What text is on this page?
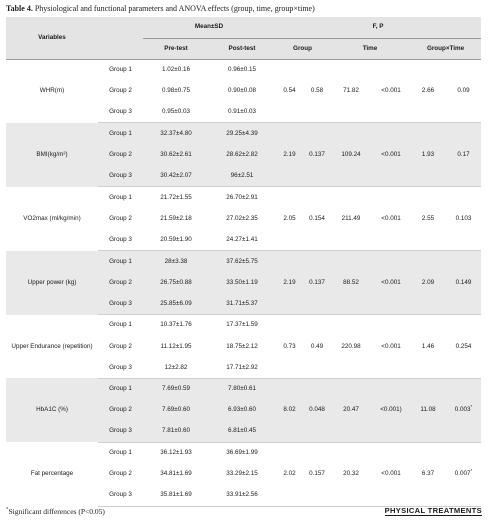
Table 4. Physiological and functional parameters and ANOVA effects (group, time, group×time)
Variables		Mean±SD		F, P					
		Pre-test	Post-test	Group		Time		Group×Time	
WHR(m)	Group 1	1.02±0.16	0.96±0.15						
	Group 2	0.98±0.75	0.90±0.08	0.54	0.58	71.82	<0.001	2.66	0.09
	Group 3	0.95±0.03	0.91±0.03						
BMI(kg/m²)	Group 1	32.37±4.80	29.25±4.39						
	Group 2	30.62±2.61	28.62±2.82	2.19	0.137	109.24	<0.001	1.93	0.17
	Group 3	30.42±2.07	96±2.51						
VO2max (ml/kg/min)	Group 1	21.72±1.55	26.70±2.91						
	Group 2	21.59±2.18	27.02±2.35	2.05	0.154	211.49	<0.001	2.55	0.103
	Group 3	20.59±1.90	24.27±1.41						
Upper power (kg)	Group 1	28±3.38	37.62±5.75						
	Group 2	26.75±0.88	33.50±1.19	2.19	0.137	88.52	<0.001	2.09	0.149
	Group 3	25.85±6.09	31.71±5.37						
Upper Endurance (repetition)	Group 1	10.37±1.76	17.37±1.59						
	Group 2	11.12±1.95	18.75±2.12	0.73	0.49	220.98	<0.001	1.46	0.254
	Group 3	12±2.82	17.71±2.92						
HbA1C (%)	Group 1	7.69±0.59	7.80±0.61						
	Group 2	7.69±0.60	6.93±0.60	8.02	0.048	20.47	<0.001)	11.08	0.003*
	Group 3	7.81±0.60	6.81±0.45						
Fat percentage	Group 1	36.12±1.93	36.69±1.99						
	Group 2	34.81±1.69	33.29±2.15	2.02	0.157	20.32	<0.001	6.37	0.007*
	Group 3	35.81±1.69	33.91±2.56						
*Significant differences (P<0.05)	PHYSICAL TREATMENTS
